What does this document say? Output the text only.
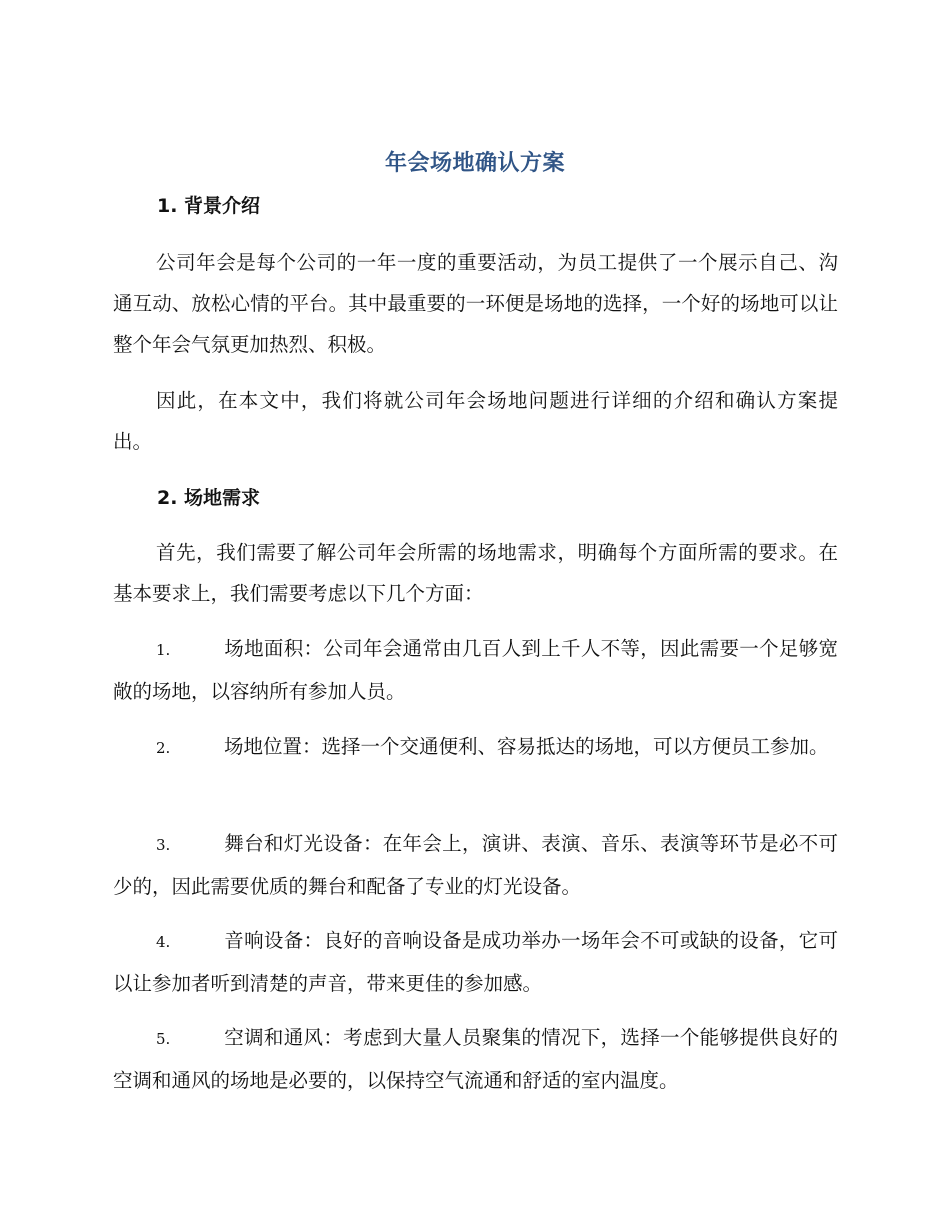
年会场地确认方案
1. 背景介绍
公司年会是每个公司的一年一度的重要活动，为员工提供了一个展示自己、沟通互动、放松心情的平台。其中最重要的一环便是场地的选择，一个好的场地可以让整个年会气氛更加热烈、积极。
因此，在本文中，我们将就公司年会场地问题进行详细的介绍和确认方案提出。
2. 场地需求
首先，我们需要了解公司年会所需的场地需求，明确每个方面所需的要求。在基本要求上，我们需要考虑以下几个方面：
1.	场地面积：公司年会通常由几百人到上千人不等，因此需要一个足够宽敞的场地，以容纳所有参加人员。
2.	场地位置：选择一个交通便利、容易抵达的场地，可以方便员工参加。
3.	舞台和灯光设备：在年会上，演讲、表演、音乐、表演等环节是必不可少的，因此需要优质的舞台和配备了专业的灯光设备。
4.	音响设备：良好的音响设备是成功举办一场年会不可或缺的设备，它可以让参加者听到清楚的声音，带来更佳的参加感。
5.	空调和通风：考虑到大量人员聚集的情况下，选择一个能够提供良好的空调和通风的场地是必要的，以保持空气流通和舒适的室内温度。
